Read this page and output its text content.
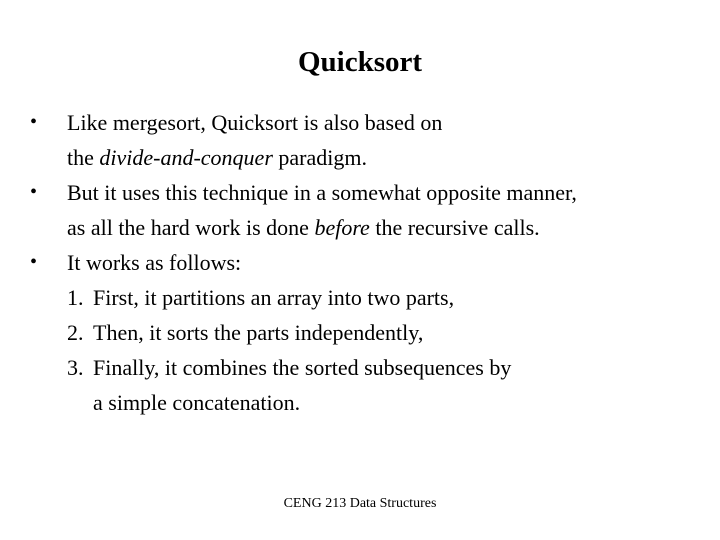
Quicksort
• Like mergesort, Quicksort is also based on
the divide-and-conquer paradigm.
• But it uses this technique in a somewhat opposite manner,
as all the hard work is done before the recursive calls.
• It works as follows:
1. First, it partitions an array into two parts,
2. Then, it sorts the parts independently,
3. Finally, it combines the sorted subsequences by
a simple concatenation.
CENG 213 Data Structures
